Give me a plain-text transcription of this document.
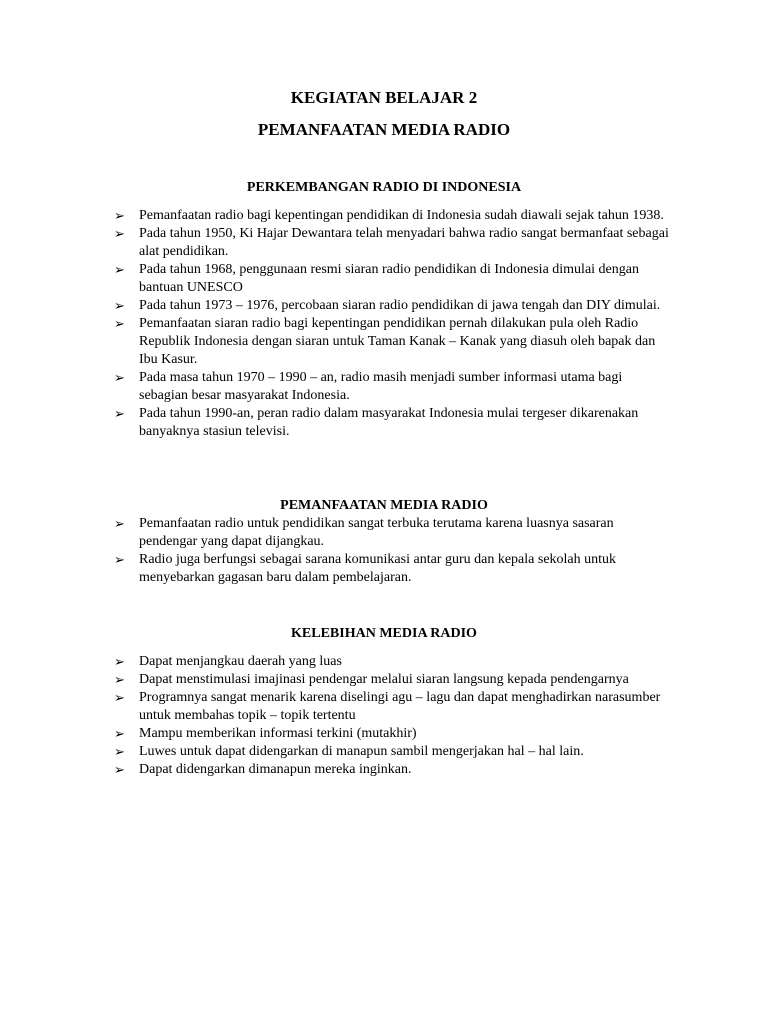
KEGIATAN BELAJAR 2
PEMANFAATAN MEDIA RADIO
PERKEMBANGAN RADIO DI INDONESIA
➢ Pemanfaatan radio bagi kepentingan pendidikan di Indonesia sudah diawali sejak tahun 1938.
➢ Pada tahun 1950, Ki Hajar Dewantara telah menyadari bahwa radio sangat bermanfaat sebagai alat pendidikan.
➢ Pada tahun 1968, penggunaan resmi siaran radio pendidikan di Indonesia dimulai dengan bantuan UNESCO
➢ Pada tahun 1973 – 1976, percobaan siaran radio pendidikan di jawa tengah dan DIY dimulai.
➢ Pemanfaatan siaran radio bagi kepentingan pendidikan pernah dilakukan pula oleh Radio Republik Indonesia dengan siaran untuk Taman Kanak – Kanak yang diasuh oleh bapak dan Ibu Kasur.
➢ Pada masa tahun 1970 – 1990 – an, radio masih menjadi sumber informasi utama bagi sebagian besar masyarakat Indonesia.
➢ Pada tahun 1990-an, peran radio dalam masyarakat Indonesia mulai tergeser dikarenakan banyaknya stasiun televisi.
PEMANFAATAN MEDIA RADIO
➢ Pemanfaatan radio untuk pendidikan sangat terbuka terutama karena luasnya sasaran pendengar yang dapat dijangkau.
➢ Radio juga berfungsi sebagai sarana komunikasi antar guru dan kepala sekolah untuk menyebarkan gagasan baru dalam pembelajaran.
KELEBIHAN MEDIA RADIO
➢ Dapat menjangkau daerah yang luas
➢ Dapat menstimulasi imajinasi pendengar melalui siaran langsung kepada pendengarnya
➢ Programnya sangat menarik karena diselingi agu – lagu dan dapat menghadirkan narasumber untuk membahas topik – topik tertentu
➢ Mampu memberikan informasi terkini (mutakhir)
➢ Luwes untuk dapat didengarkan di manapun sambil mengerjakan hal – hal lain.
➢ Dapat didengarkan dimanapun mereka inginkan.
